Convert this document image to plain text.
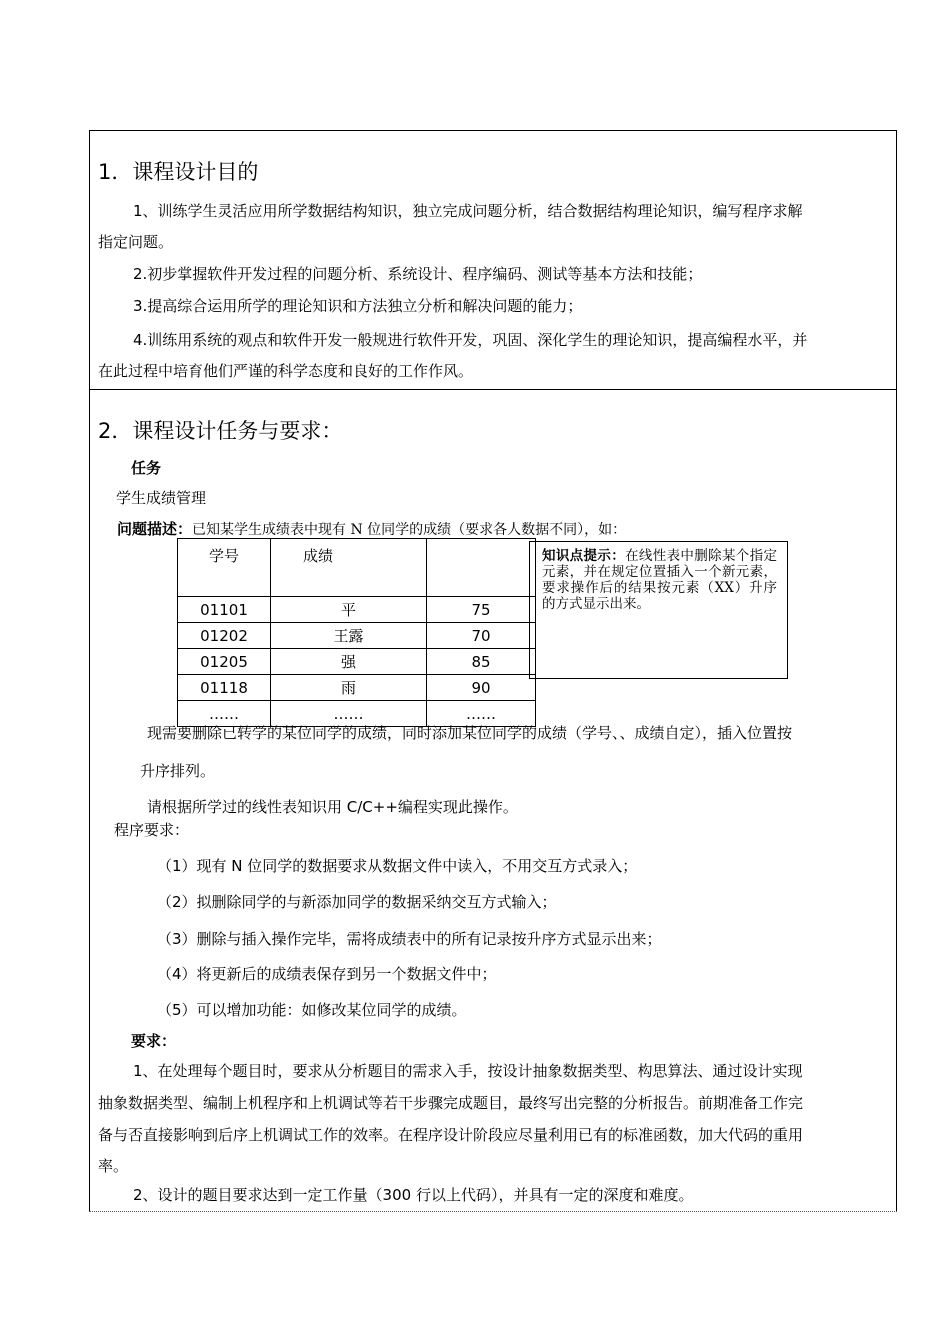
1．课程设计目的
1、训练学生灵活应用所学数据结构知识，独立完成问题分析，结合数据结构理论知识，编写程序求解
指定问题。
2.初步掌握软件开发过程的问题分析、系统设计、程序编码、测试等基本方法和技能；
3.提高综合运用所学的理论知识和方法独立分析和解决问题的能力；
4.训练用系统的观点和软件开发一般规进行软件开发，巩固、深化学生的理论知识，提高编程水平，并
在此过程中培育他们严谨的科学态度和良好的工作作风。
2．课程设计任务与要求：
任务
学生成绩管理
问题描述：已知某学生成绩表中现有 N 位同学的成绩（要求各人数据不同），如：
学号	成绩	
01101	平	75
01202	王露	70
01205	强	85
01118	雨	90
……	……	……
知识点提示：在线性表中删除某个指定元素，并在规定位置插入一个新元素，要求操作后的结果按元素（XX）升序的方式显示出来。
现需要删除已转学的某位同学的成绩，同时添加某位同学的成绩（学号、、成绩自定），插入位置按
升序排列。
请根据所学过的线性表知识用 C/C++编程实现此操作。
程序要求：
（1）现有 N 位同学的数据要求从数据文件中读入，不用交互方式录入；
（2）拟删除同学的与新添加同学的数据采纳交互方式输入；
（3）删除与插入操作完毕，需将成绩表中的所有记录按升序方式显示出来；
（4）将更新后的成绩表保存到另一个数据文件中；
（5）可以增加功能：如修改某位同学的成绩。
要求：
1、在处理每个题目时，要求从分析题目的需求入手，按设计抽象数据类型、构思算法、通过设计实现
抽象数据类型、编制上机程序和上机调试等若干步骤完成题目，最终写出完整的分析报告。前期准备工作完
备与否直接影响到后序上机调试工作的效率。在程序设计阶段应尽量利用已有的标准函数，加大代码的重用
率。
2、设计的题目要求达到一定工作量（300 行以上代码），并具有一定的深度和难度。
